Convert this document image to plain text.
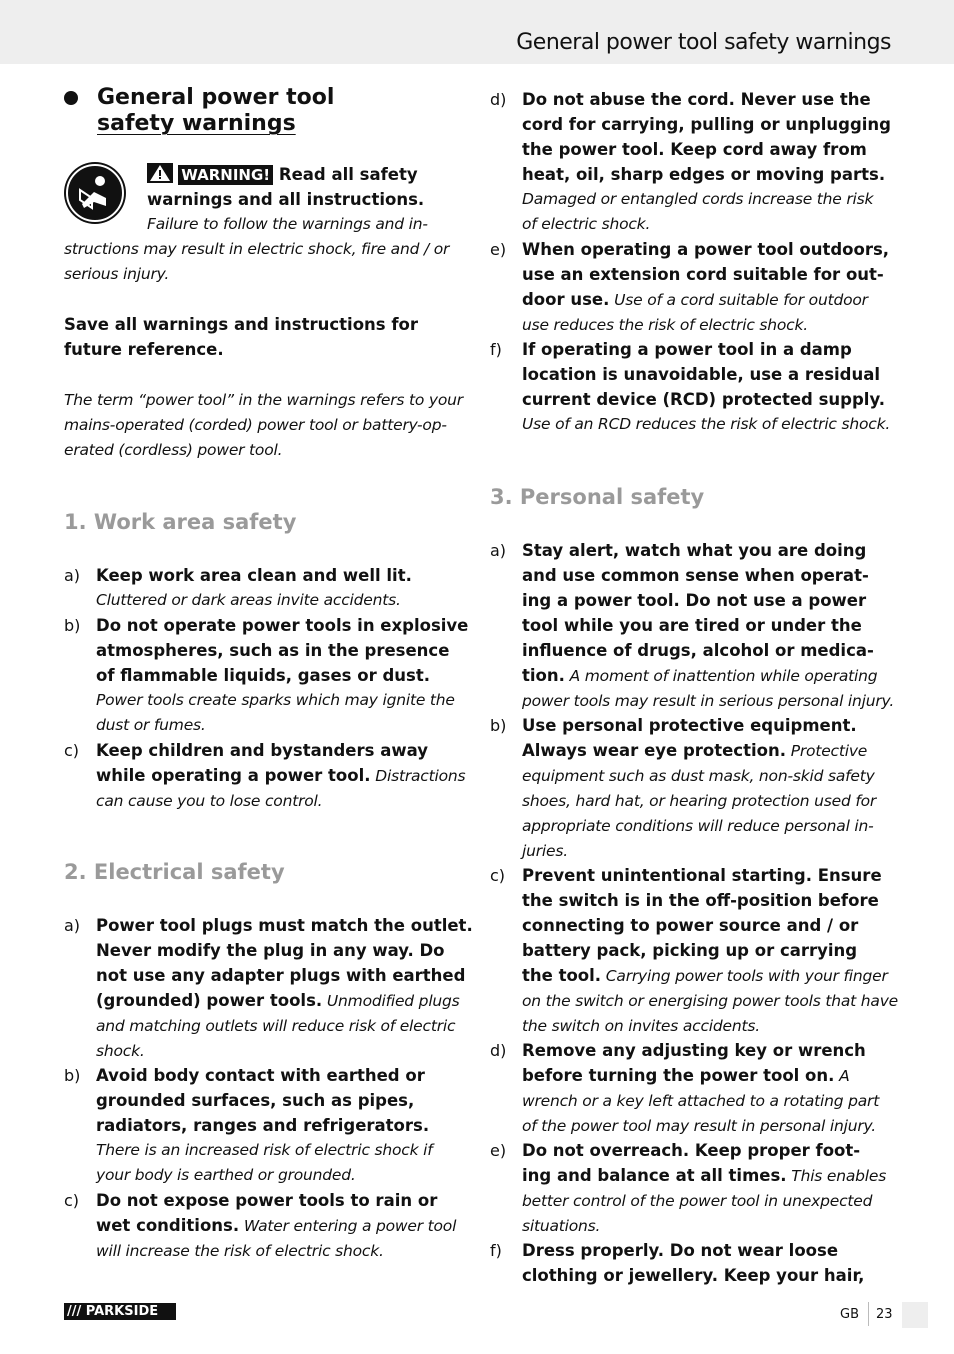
General power tool safety warnings
General power tool
safety warnings
WARNING! Read all safety
warnings and all instructions.
Failure to follow the warnings and in-
structions may result in electric shock, fire and / or
serious injury.
Save all warnings and instructions for
future reference.
The term “power tool” in the warnings refers to your
mains-operated (corded) power tool or battery-op-
erated (cordless) power tool.
1. Work area safety
a) Keep work area clean and well lit.
Cluttered or dark areas invite accidents.
b) Do not operate power tools in explosive
atmospheres, such as in the presence
of flammable liquids, gases or dust.
Power tools create sparks which may ignite the
dust or fumes.
c) Keep children and bystanders away
while operating a power tool. Distractions
can cause you to lose control.
2. Electrical safety
a) Power tool plugs must match the outlet.
Never modify the plug in any way. Do
not use any adapter plugs with earthed
(grounded) power tools. Unmodified plugs
and matching outlets will reduce risk of electric
shock.
b) Avoid body contact with earthed or
grounded surfaces, such as pipes,
radiators, ranges and refrigerators.
There is an increased risk of electric shock if
your body is earthed or grounded.
c) Do not expose power tools to rain or
wet conditions. Water entering a power tool
will increase the risk of electric shock.
d) Do not abuse the cord. Never use the
cord for carrying, pulling or unplugging
the power tool. Keep cord away from
heat, oil, sharp edges or moving parts.
Damaged or entangled cords increase the risk
of electric shock.
e) When operating a power tool outdoors,
use an extension cord suitable for out-
door use. Use of a cord suitable for outdoor
use reduces the risk of electric shock.
f) If operating a power tool in a damp
location is unavoidable, use a residual
current device (RCD) protected supply.
Use of an RCD reduces the risk of electric shock.
3. Personal safety
a) Stay alert, watch what you are doing
and use common sense when operat-
ing a power tool. Do not use a power
tool while you are tired or under the
influence of drugs, alcohol or medica-
tion. A moment of inattention while operating
power tools may result in serious personal injury.
b) Use personal protective equipment.
Always wear eye protection. Protective
equipment such as dust mask, non-skid safety
shoes, hard hat, or hearing protection used for
appropriate conditions will reduce personal in-
juries.
c) Prevent unintentional starting. Ensure
the switch is in the off-position before
connecting to power source and / or
battery pack, picking up or carrying
the tool. Carrying power tools with your finger
on the switch or energising power tools that have
the switch on invites accidents.
d) Remove any adjusting key or wrench
before turning the power tool on. A
wrench or a key left attached to a rotating part
of the power tool may result in personal injury.
e) Do not overreach. Keep proper foot-
ing and balance at all times. This enables
better control of the power tool in unexpected
situations.
f) Dress properly. Do not wear loose
clothing or jewellery. Keep your hair,
/// PARKSIDE	GB 23
